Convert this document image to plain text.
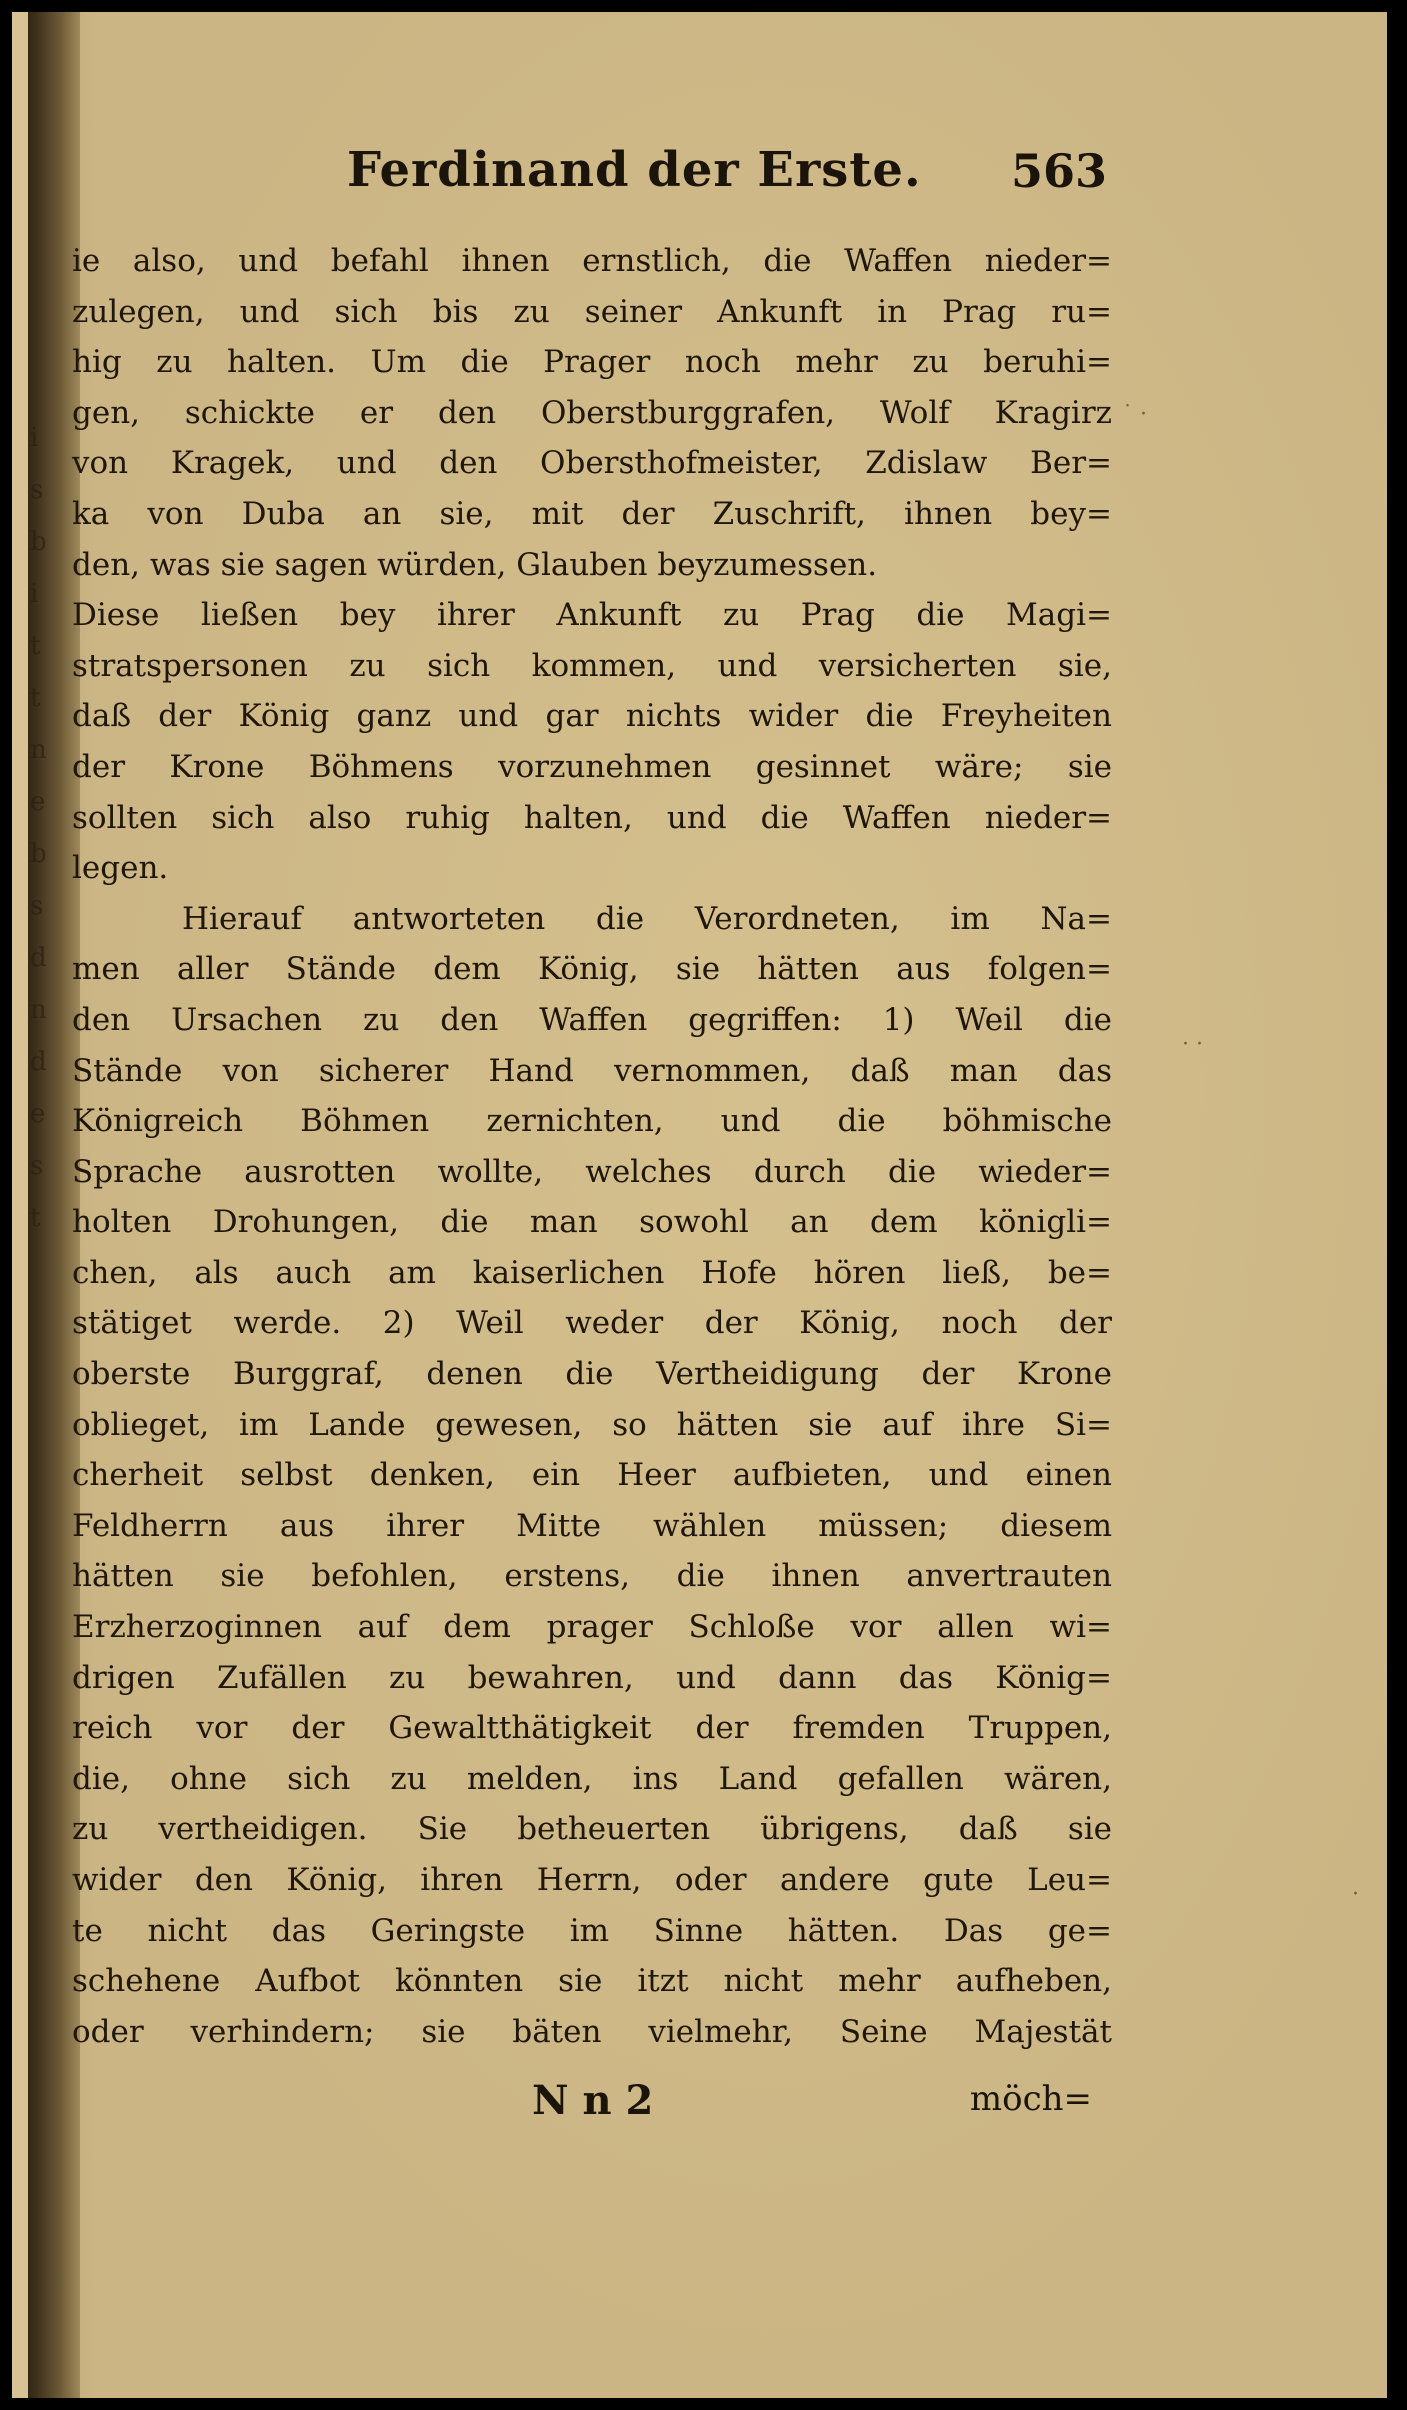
i
s
b
i
t
t
n
e
b
s
d
n
d
e
s
t
Ferdinand der Erste. 563
ie also, und befahl ihnen ernstlich, die Waffen nieder=
zulegen, und sich bis zu seiner Ankunft in Prag ru=
hig zu halten. Um die Prager noch mehr zu beruhi=
gen, schickte er den Oberstburggrafen, Wolf Kragirz
von Kragek, und den Obersthofmeister, Zdislaw Ber=
ka von Duba an sie, mit der Zuschrift, ihnen bey=
den, was sie sagen würden, Glauben beyzumessen.
Diese ließen bey ihrer Ankunft zu Prag die Magi=
stratspersonen zu sich kommen, und versicherten sie,
daß der König ganz und gar nichts wider die Freyheiten
der Krone Böhmens vorzunehmen gesinnet wäre; sie
sollten sich also ruhig halten, und die Waffen nieder=
legen.
Hierauf antworteten die Verordneten, im Na=
men aller Stände dem König, sie hätten aus folgen=
den Ursachen zu den Waffen gegriffen: 1) Weil die
Stände von sicherer Hand vernommen, daß man das
Königreich Böhmen zernichten, und die böhmische
Sprache ausrotten wollte, welches durch die wieder=
holten Drohungen, die man sowohl an dem königli=
chen, als auch am kaiserlichen Hofe hören ließ, be=
stätiget werde. 2) Weil weder der König, noch der
oberste Burggraf, denen die Vertheidigung der Krone
oblieget, im Lande gewesen, so hätten sie auf ihre Si=
cherheit selbst denken, ein Heer aufbieten, und einen
Feldherrn aus ihrer Mitte wählen müssen; diesem
hätten sie befohlen, erstens, die ihnen anvertrauten
Erzherzoginnen auf dem prager Schloße vor allen wi=
drigen Zufällen zu bewahren, und dann das König=
reich vor der Gewaltthätigkeit der fremden Truppen,
die, ohne sich zu melden, ins Land gefallen wären,
zu vertheidigen. Sie betheuerten übrigens, daß sie
wider den König, ihren Herrn, oder andere gute Leu=
te nicht das Geringste im Sinne hätten. Das ge=
schehene Aufbot könnten sie itzt nicht mehr aufheben,
oder verhindern; sie bäten vielmehr, Seine Majestät
N n 2	möch=
˙ ·
· ·
·
